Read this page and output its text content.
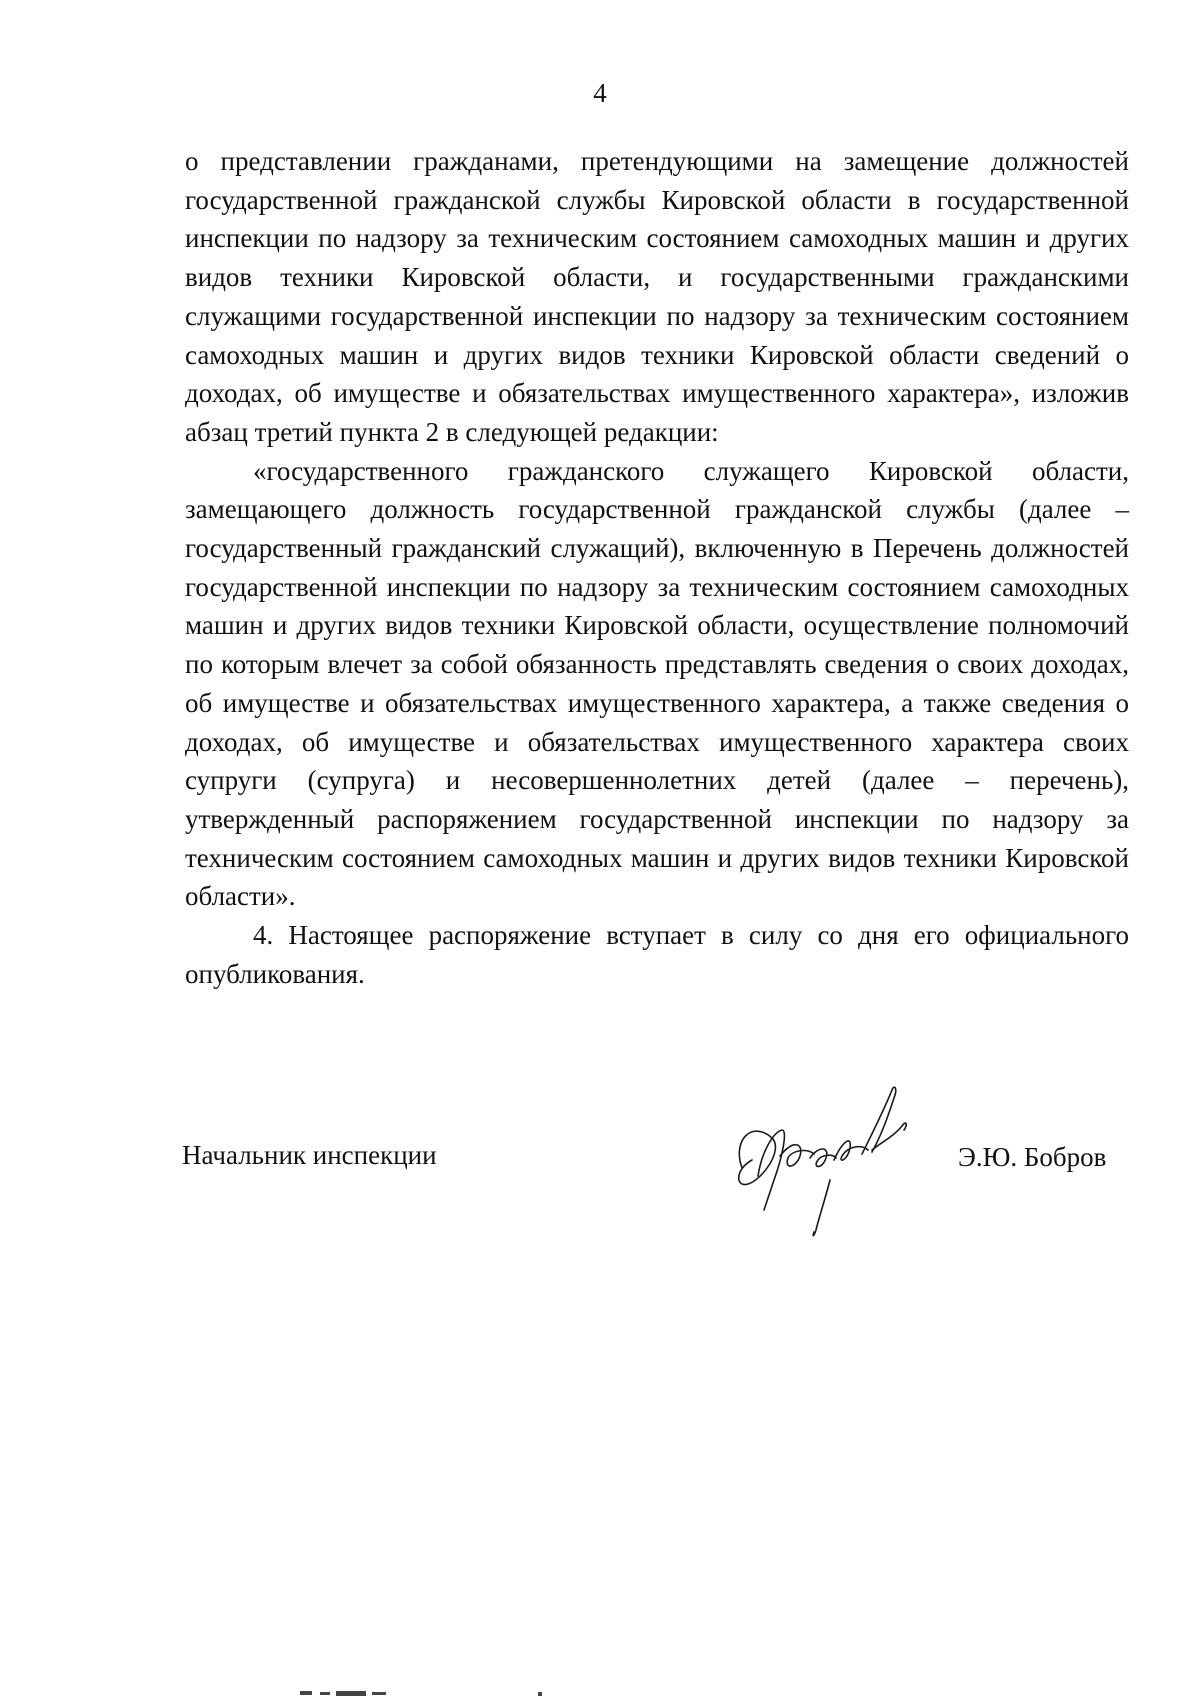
4

о представлении гражданами, претендующими на замещение должностей государственной гражданской службы Кировской области в государственной инспекции по надзору за техническим состоянием самоходных машин и других видов техники Кировской области, и государственными гражданскими служащими государственной инспекции по надзору за техническим состоянием самоходных машин и других видов техники Кировской области сведений о доходах, об имуществе и обязательствах имущественного характера», изложив абзац третий пункта 2 в следующей редакции:

«государственного гражданского служащего Кировской области, замещающего должность государственной гражданской службы (далее – государственный гражданский служащий), включенную в Перечень должностей государственной инспекции по надзору за техническим состоянием самоходных машин и других видов техники Кировской области, осуществление полномочий по которым влечет за собой обязанность представлять сведения о своих доходах, об имуществе и обязательствах имущественного характера, а также сведения о доходах, об имуществе и обязательствах имущественного характера своих супруги (супруга) и несовершеннолетних детей (далее – перечень), утвержденный распоряжением государственной инспекции по надзору за техническим состоянием самоходных машин и других видов техники Кировской области».

4. Настоящее распоряжение вступает в силу со дня его официального опубликования.

Начальник инспекции	Э.Ю. Бобров
